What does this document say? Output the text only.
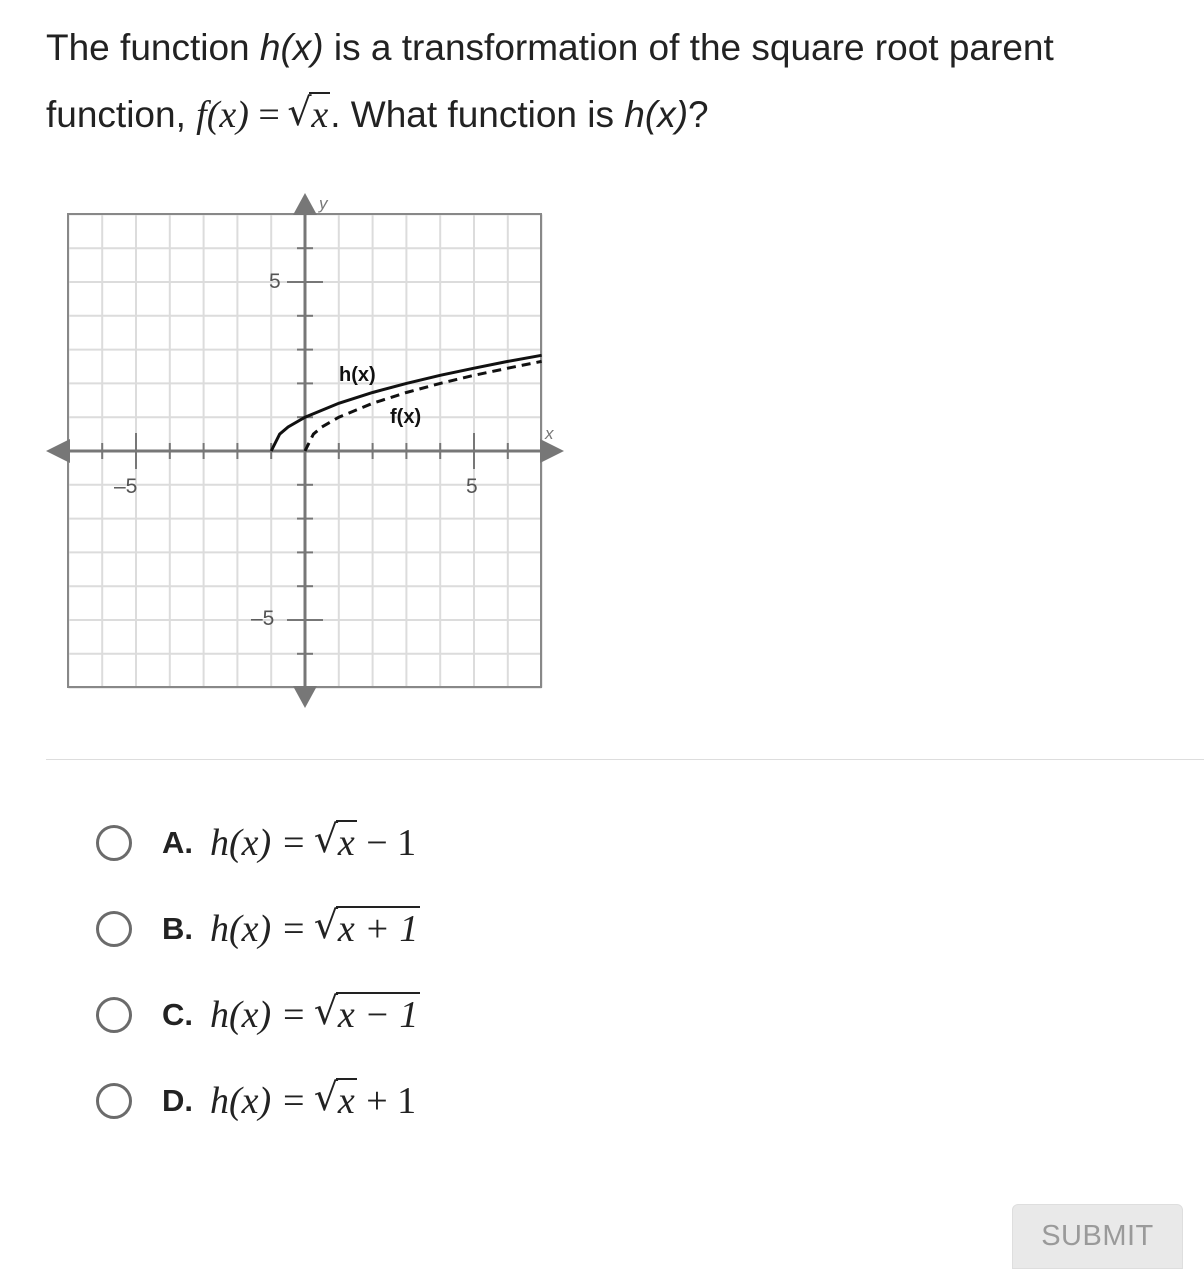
The function h(x) is a transformation of the square root parent function, f(x) = √ x. What function is h(x)?
y
x
–5	5
5
–5
h(x)
f(x)
A. h(x) = √ x − 1
B. h(x) = √ x + 1
C. h(x) = √ x − 1
D. h(x) = √ x + 1
SUBMIT
